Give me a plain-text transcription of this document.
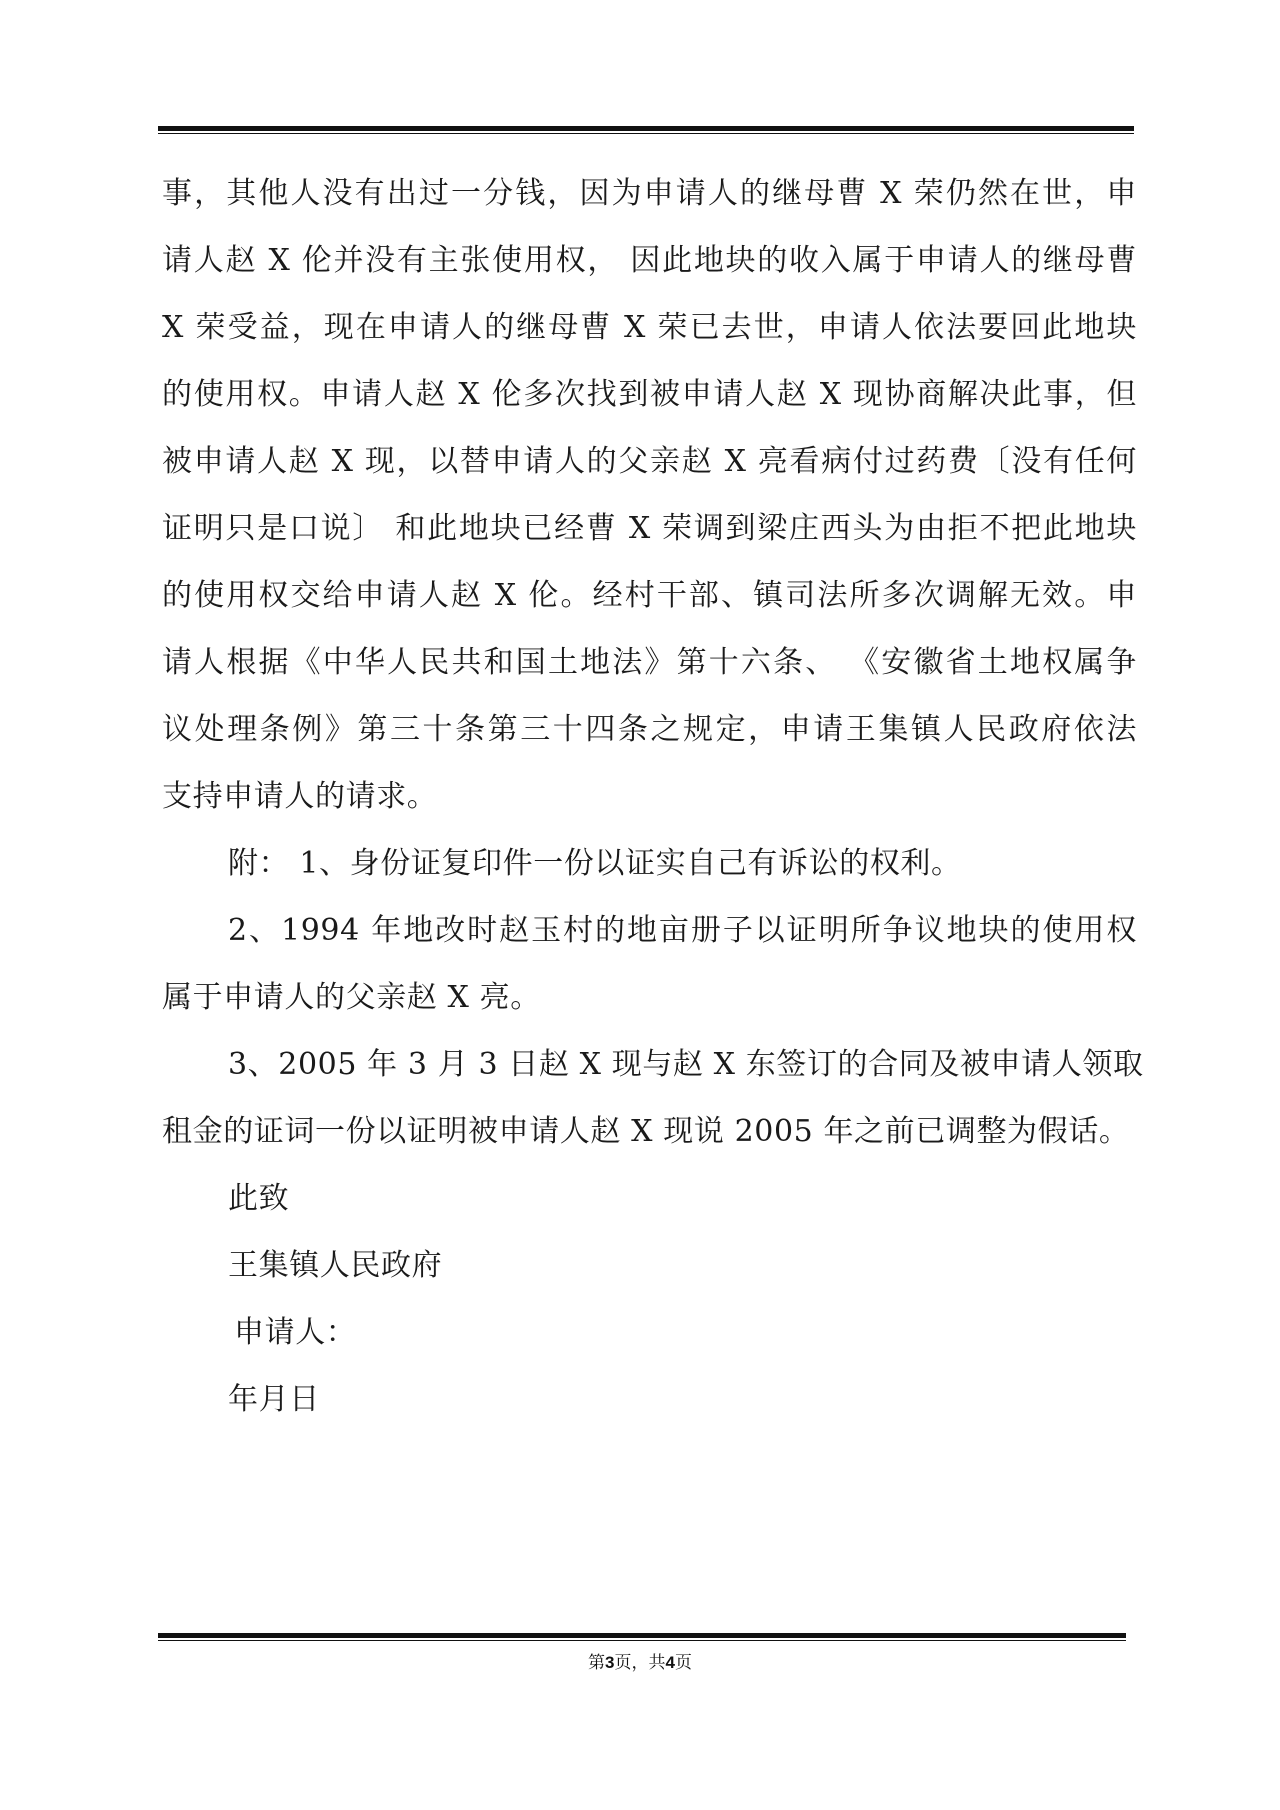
事，其他人没有出过一分钱，因为申请人的继母曹 X 荣仍然在世，申
请人赵 X 伦并没有主张使用权， 因此地块的收入属于申请人的继母曹
X 荣受益，现在申请人的继母曹 X 荣已去世，申请人依法要回此地块
的使用权。申请人赵 X 伦多次找到被申请人赵 X 现协商解决此事，但
被申请人赵 X 现，以替申请人的父亲赵 X 亮看病付过药费〔没有任何
证明只是口说〕 和此地块已经曹 X 荣调到梁庄西头为由拒不把此地块
的使用权交给申请人赵 X 伦。经村干部、镇司法所多次调解无效。申
请人根据《中华人民共和国土地法》第十六条、 《安徽省土地权属争
议处理条例》第三十条第三十四条之规定，申请王集镇人民政府依法
支持申请人的请求。

附： 1、身份证复印件一份以证实自己有诉讼的权利。

2、1994 年地改时赵玉村的地亩册子以证明所争议地块的使用权
属于申请人的父亲赵 X 亮。

3、2005 年 3 月 3 日赵 X 现与赵 X 东签订的合同及被申请人领取
租金的证词一份以证明被申请人赵 X 现说 2005 年之前已调整为假话。

此致

王集镇人民政府

申请人：

年月日

第3页，共4页
